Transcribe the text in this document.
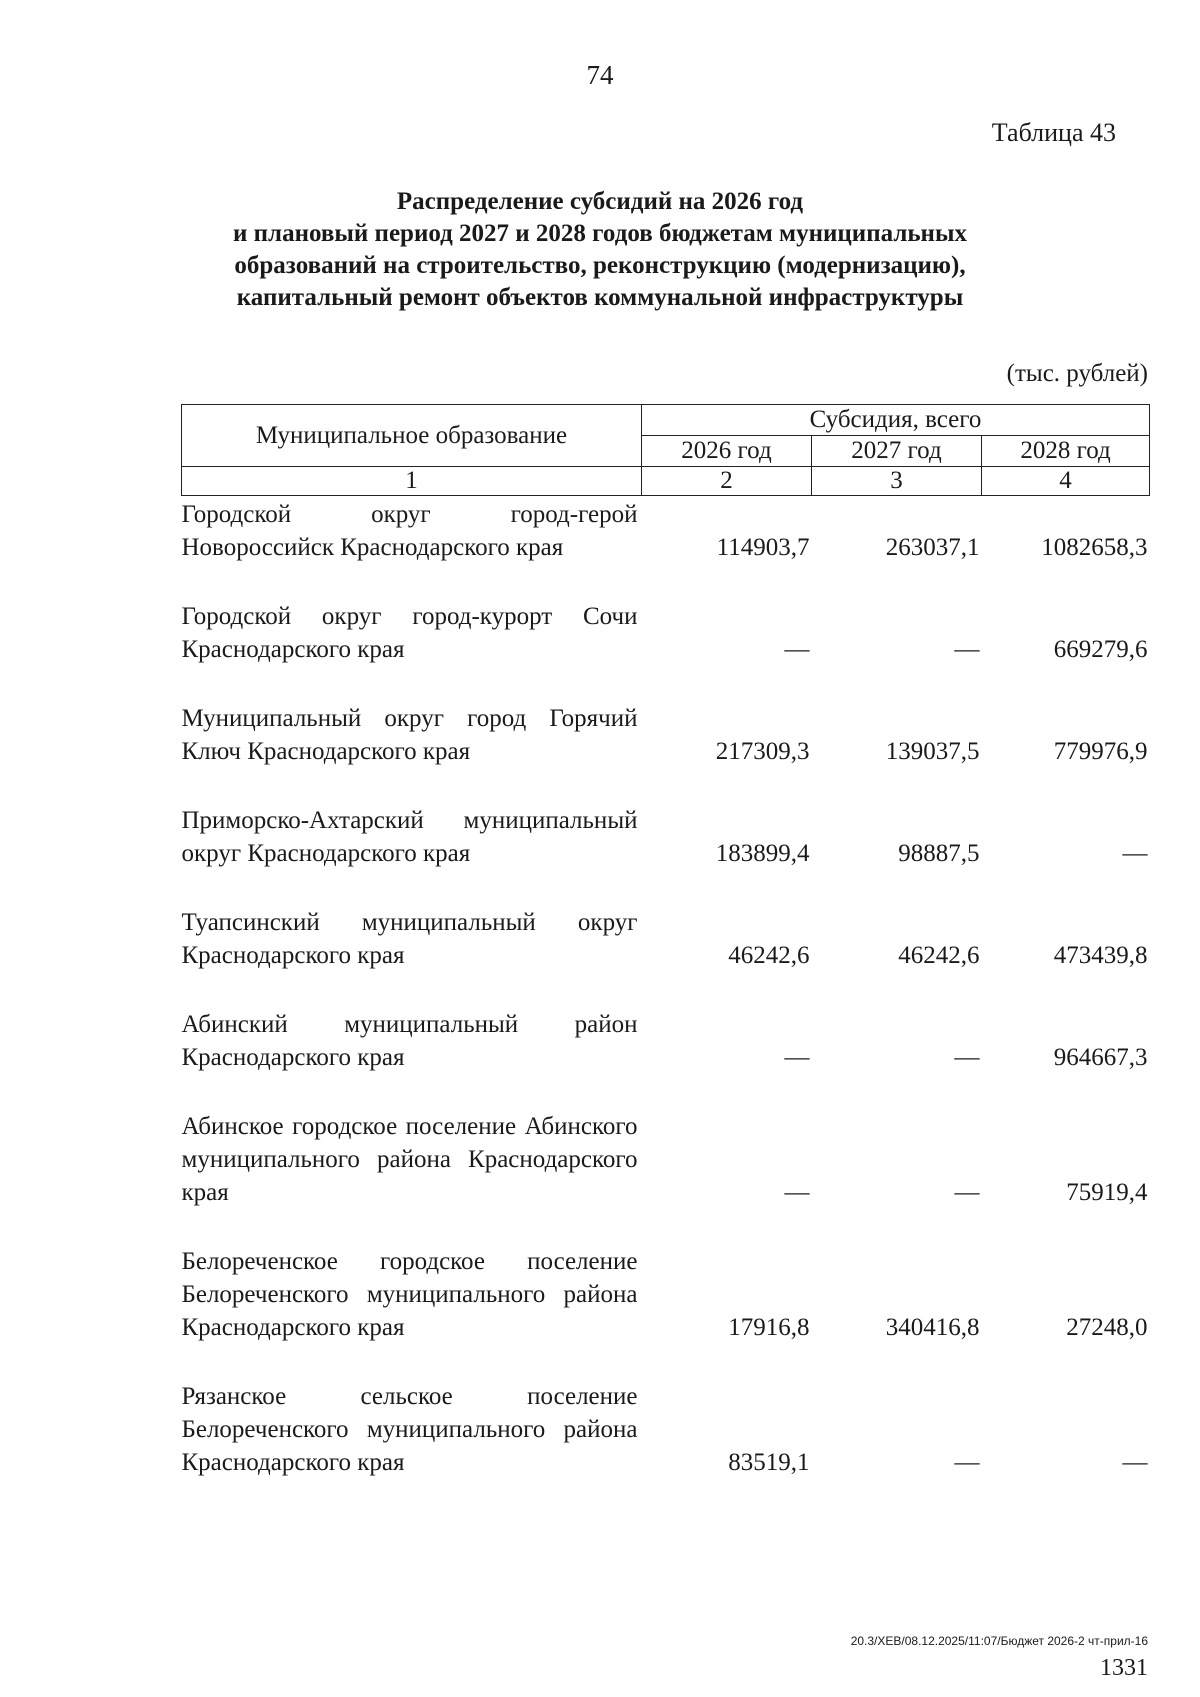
74
Таблица 43
Распределение субсидий на 2026 год
и плановый период 2027 и 2028 годов бюджетам муниципальных
образований на строительство, реконструкцию (модернизацию),
капитальный ремонт объектов коммунальной инфраструктуры
(тыс. рублей)
Муниципальное образование	Субсидия, всего		
	2026 год	2027 год	2028 год
1	2	3	4
Городской округ город-герой Новороссийск Краснодарского края	114903,7	263037,1	1082658,3

Городской округ город-курорт Сочи Краснодарского края	—	—	669279,6

Муниципальный округ город Горячий Ключ Краснодарского края	217309,3	139037,5	779976,9

Приморско-Ахтарский муниципальный округ Краснодарского края	183899,4	98887,5	—

Туапсинский муниципальный округ Краснодарского края	46242,6	46242,6	473439,8

Абинский муниципальный район Краснодарского края	—	—	964667,3

Абинское городское поселение Абинского муниципального района Краснодарского края	—	—	75919,4

Белореченское городское поселение Белореченского муниципального района Краснодарского края	17916,8	340416,8	27248,0

Рязанское сельское поселение Белореченского муниципального района Краснодарского края	83519,1	—	—
20.3/ХЕВ/08.12.2025/11:07/Бюджет 2026-2 чт-прил-16
1331
